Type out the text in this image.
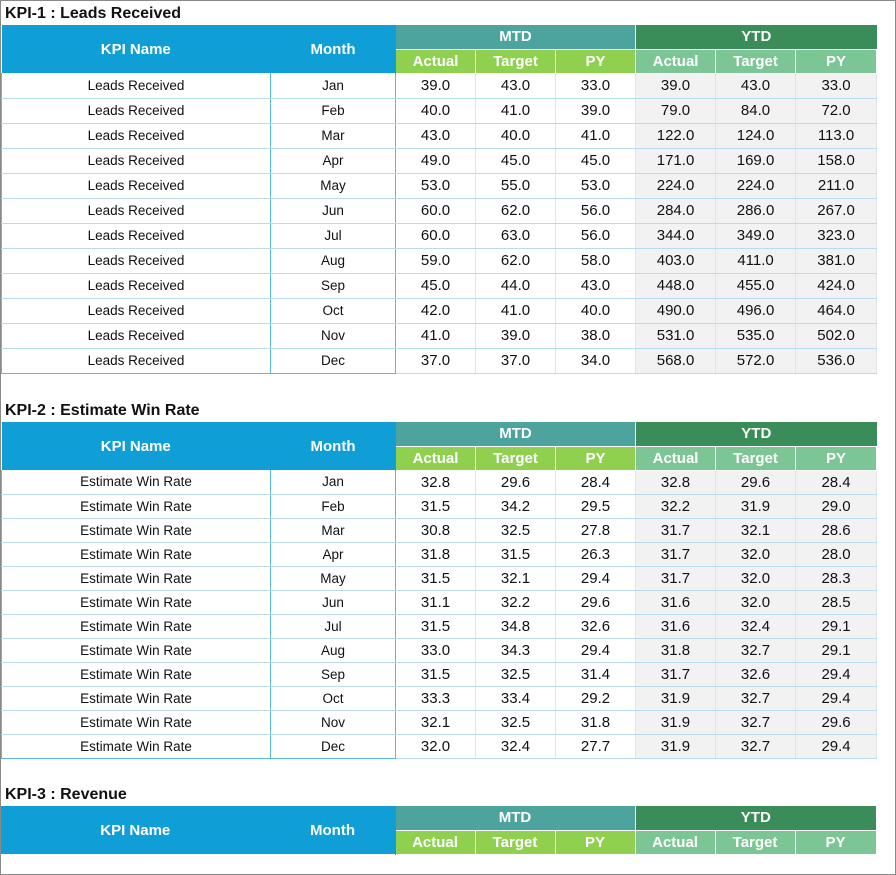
KPI-1 : Leads Received
KPI Name	Month	MTD			YTD		
		Actual	Target	PY	Actual	Target	PY
Leads Received	Jan	39.0	43.0	33.0	39.0	43.0	33.0
Leads Received	Feb	40.0	41.0	39.0	79.0	84.0	72.0
Leads Received	Mar	43.0	40.0	41.0	122.0	124.0	113.0
Leads Received	Apr	49.0	45.0	45.0	171.0	169.0	158.0
Leads Received	May	53.0	55.0	53.0	224.0	224.0	211.0
Leads Received	Jun	60.0	62.0	56.0	284.0	286.0	267.0
Leads Received	Jul	60.0	63.0	56.0	344.0	349.0	323.0
Leads Received	Aug	59.0	62.0	58.0	403.0	411.0	381.0
Leads Received	Sep	45.0	44.0	43.0	448.0	455.0	424.0
Leads Received	Oct	42.0	41.0	40.0	490.0	496.0	464.0
Leads Received	Nov	41.0	39.0	38.0	531.0	535.0	502.0
Leads Received	Dec	37.0	37.0	34.0	568.0	572.0	536.0
KPI-2 : Estimate Win Rate
KPI Name	Month	MTD			YTD		
		Actual	Target	PY	Actual	Target	PY
Estimate Win Rate	Jan	32.8	29.6	28.4	32.8	29.6	28.4
Estimate Win Rate	Feb	31.5	34.2	29.5	32.2	31.9	29.0
Estimate Win Rate	Mar	30.8	32.5	27.8	31.7	32.1	28.6
Estimate Win Rate	Apr	31.8	31.5	26.3	31.7	32.0	28.0
Estimate Win Rate	May	31.5	32.1	29.4	31.7	32.0	28.3
Estimate Win Rate	Jun	31.1	32.2	29.6	31.6	32.0	28.5
Estimate Win Rate	Jul	31.5	34.8	32.6	31.6	32.4	29.1
Estimate Win Rate	Aug	33.0	34.3	29.4	31.8	32.7	29.1
Estimate Win Rate	Sep	31.5	32.5	31.4	31.7	32.6	29.4
Estimate Win Rate	Oct	33.3	33.4	29.2	31.9	32.7	29.4
Estimate Win Rate	Nov	32.1	32.5	31.8	31.9	32.7	29.6
Estimate Win Rate	Dec	32.0	32.4	27.7	31.9	32.7	29.4
KPI-3 : Revenue
KPI Name	Month	MTD			YTD		
		Actual	Target	PY	Actual	Target	PY
